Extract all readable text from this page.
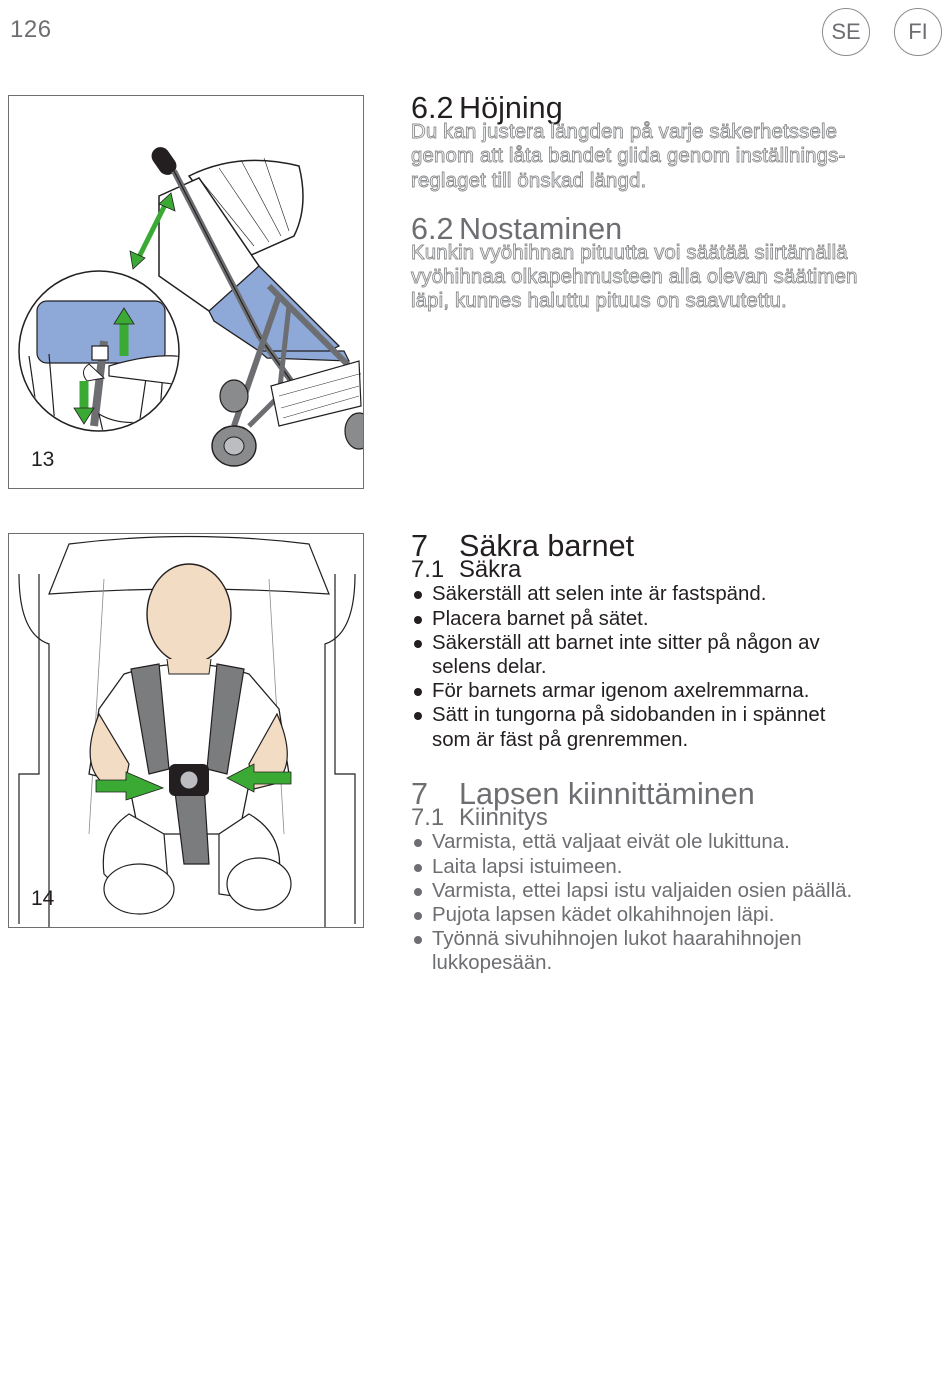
126	SE	FI
13
14
6.2 Höjning

Du kan justera längden på varje säkerhetssele
genom att låta bandet glida genom inställnings-
reglaget till önskad längd.

6.2 Nostaminen

Kunkin vyöhihnan pituutta voi säätää siirtämällä
vyöhihnaa olkapehmusteen alla olevan säätimen
läpi, kunnes haluttu pituus on saavutettu.

7 Säkra barnet
7.1 Säkra
Säkerställ att selen inte är fastspänd.
Placera barnet på sätet.
Säkerställ att barnet inte sitter på någon av
selens delar.
För barnets armar igenom axelremmarna.
Sätt in tungorna på sidobanden in i spännet
som är fäst på grenremmen.
7 Lapsen kiinnittäminen
7.1 Kiinnitys
Varmista, että valjaat eivät ole lukittuna.
Laita lapsi istuimeen.
Varmista, ettei lapsi istu valjaiden osien päällä.
Pujota lapsen kädet olkahihnojen läpi.
Työnnä sivuhihnojen lukot haarahihnojen
lukkopesään.
